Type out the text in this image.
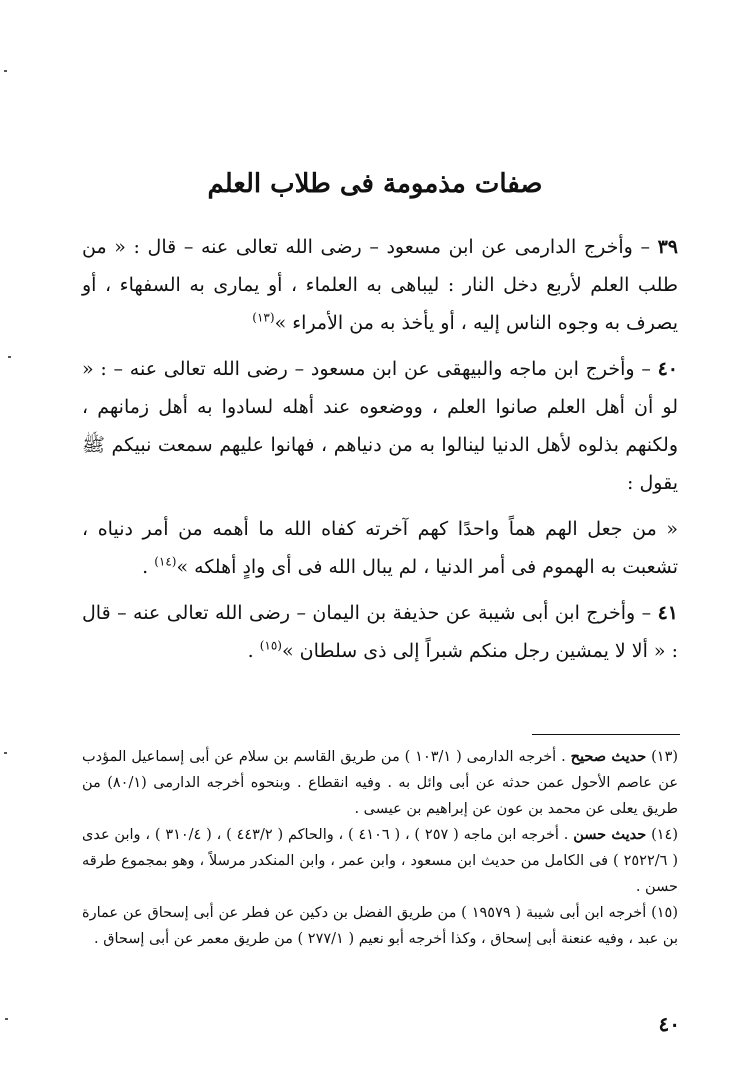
صفات مذمومة فى طلاب العلم

٣٩ – وأخرج الدارمى عن ابن مسعود – رضى الله تعالى عنه – قال : « من طلب العلم لأربع دخل النار : ليباهى به العلماء ، أو يمارى به السفهاء ، أو يصرف به وجوه الناس إليه ، أو يأخذ به من الأمراء »$^{(١٣)}$

٤٠ – وأخرج ابن ماجه والبيهقى عن ابن مسعود – رضى الله تعالى عنه – : « لو أن أهل العلم صانوا العلم ، ووضعوه عند أهله لسادوا به أهل زمانهم ، ولكنهم بذلوه لأهل الدنيا لينالوا به من دنياهم ، فهانوا عليهم سمعت نبيكم ﷺ يقول :

« من جعل الهم هماً واحدًا كهم آخرته كفاه الله ما أهمه من أمر دنياه ، تشعبت به الهموم فى أمر الدنيا ، لم يبال الله فى أى وادٍ أهلكه »$^{(١٤)}$ .

٤١ – وأخرج ابن أبى شيبة عن حذيفة بن اليمان – رضى الله تعالى عنه – قال : « ألا لا يمشين رجل منكم شبراً إلى ذى سلطان »$^{(١٥)}$ .

(١٣) حديث صحيح . أخرجه الدارمى ( ١٠٣/١ ) من طريق القاسم بن سلام عن أبى إسماعيل المؤدب عن عاصم الأحول عمن حدثه عن أبى وائل به . وفيه انقطاع . وبنحوه أخرجه الدارمى (٨٠/١) من طريق يعلى عن محمد بن عون عن إبراهيم بن عيسى .

(١٤) حديث حسن . أخرجه ابن ماجه ( ٢٥٧ ) ، ( ٤١٠٦ ) ، والحاكم ( ٤٤٣/٢ ) ، ( ٣١٠/٤ ) ، وابن عدى ( ٢٥٢٢/٦ ) فى الكامل من حديث ابن مسعود ، وابن عمر ، وابن المنكدر مرسلاً ، وهو بمجموع طرقه حسن .

(١٥) أخرجه ابن أبى شيبة ( ١٩٥٧٩ ) من طريق الفضل بن دكين عن فطر عن أبى إسحاق عن عمارة بن عبد ، وفيه عنعنة أبى إسحاق ، وكذا أخرجه أبو نعيم ( ٢٧٧/١ ) من طريق معمر عن أبى إسحاق .

٤٠
